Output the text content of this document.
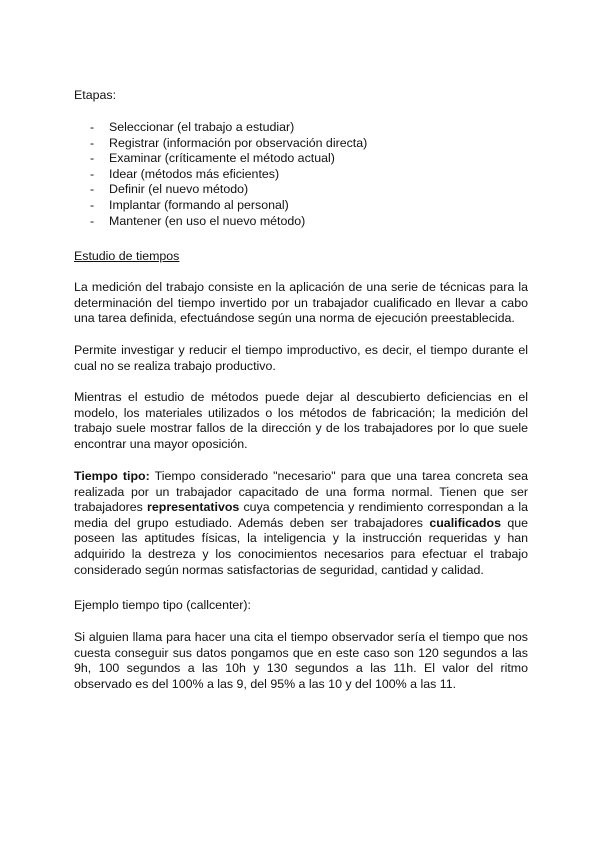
Etapas:
- Seleccionar (el trabajo a estudiar)
- Registrar (información por observación directa)
- Examinar (críticamente el método actual)
- Idear (métodos más eficientes)
- Definir (el nuevo método)
- Implantar (formando al personal)
- Mantener (en uso el nuevo método)
Estudio de tiempos

La medición del trabajo consiste en la aplicación de una serie de técnicas para la determinación del tiempo invertido por un trabajador cualificado en llevar a cabo una tarea definida, efectuándose según una norma de ejecución preestablecida.

Permite investigar y reducir el tiempo improductivo, es decir, el tiempo durante el cual no se realiza trabajo productivo.

Mientras el estudio de métodos puede dejar al descubierto deficiencias en el modelo, los materiales utilizados o los métodos de fabricación; la medición del trabajo suele mostrar fallos de la dirección y de los trabajadores por lo que suele encontrar una mayor oposición.

Tiempo tipo: Tiempo considerado "necesario" para que una tarea concreta sea realizada por un trabajador capacitado de una forma normal. Tienen que ser trabajadores representativos cuya competencia y rendimiento correspondan a la media del grupo estudiado. Además deben ser trabajadores cualificados que poseen las aptitudes físicas, la inteligencia y la instrucción requeridas y han adquirido la destreza y los conocimientos necesarios para efectuar el trabajo considerado según normas satisfactorias de seguridad, cantidad y calidad.

Ejemplo tiempo tipo (callcenter):

Si alguien llama para hacer una cita el tiempo observador sería el tiempo que nos cuesta conseguir sus datos pongamos que en este caso son 120 segundos a las 9h, 100 segundos a las 10h y 130 segundos a las 11h. El valor del ritmo observado es del 100% a las 9, del 95% a las 10 y del 100% a las 11.
